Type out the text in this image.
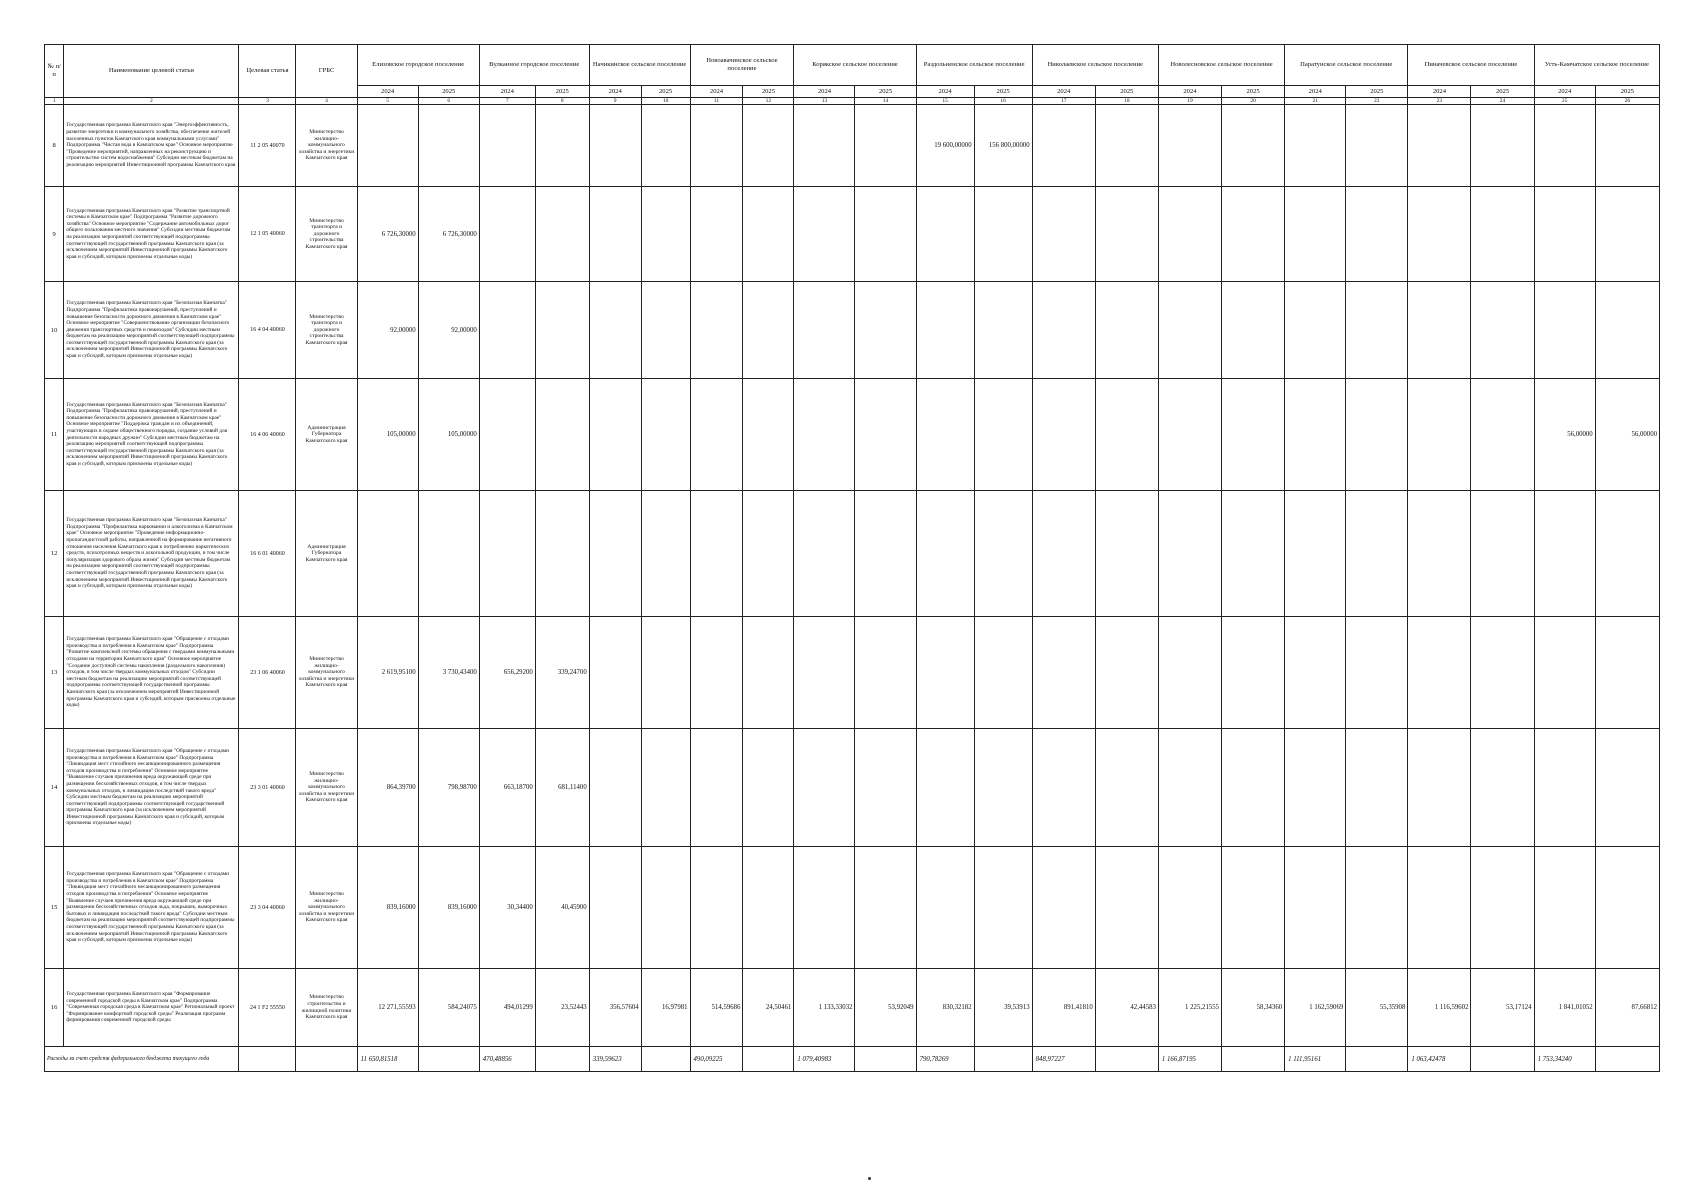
№ п/п	Наименование целевой статьи	Целевая статья	ГРБС	Елизовское городское поселение		Вулканное городское поселение		Начикинское сельское поселение		Новоавачинское сельское поселение		Корякское сельское поселение		Раздольненское сельское поселение		Николаевское сельское поселение		Новолесновское сельское поселение		Паратунское сельское поселение		Пиначевское сельское поселение		Усть-Камчатское сельское поселение	
				2024	2025	2024	2025	2024	2025	2024	2025	2024	2025	2024	2025	2024	2025	2024	2025	2024	2025	2024	2025	2024	2025
1	2	3	4	5	6	7	8	9	10	11	12	13	14	15	16	17	18	19	20	21	22	23	24	25	26
8	Государственная программа Камчатского края "Энергоэффективность, развитие энергетики и коммунального хозяйства, обеспечение жителей населенных пунктов Камчатского края коммунальными услугами" Подпрограмма "Чистая вода в Камчатском крае" Основное мероприятие "Проведение мероприятий, направленных на реконструкцию и строительство систем водоснабжения" Субсидии местным бюджетам на реализацию мероприятий Инвестиционной программы Камчатского края	11 2 05 40070	Министерство жилищно-коммунального хозяйства и энергетики Камчатского края											19 600,00000	156 800,00000										
9	Государственная программа Камчатского края "Развитие транспортной системы в Камчатском крае" Подпрограмма "Развитие дорожного хозяйства" Основное мероприятие "Содержание автомобильных дорог общего пользования местного значения" Субсидии местным бюджетам на реализацию мероприятий соответствующей подпрограммы соответствующей государственной программы Камчатского края (за исключением мероприятий Инвестиционной программы Камчатского края и субсидий, которым присвоены отдельные коды)	12 1 05 40060	Министерство транспорта и дорожного строительства Камчатского края	6 726,30000	6 726,30000																				
10	Государственная программа Камчатского края "Безопасная Камчатка" Подпрограмма "Профилактика правонарушений, преступлений и повышение безопасности дорожного движения в Камчатском крае" Основное мероприятие "Совершенствование организации безопасного движения транспортных средств и пешеходов" Субсидии местным бюджетам на реализацию мероприятий соответствующей подпрограммы соответствующей государственной программы Камчатского края (за исключением мероприятий Инвестиционной программы Камчатского края и субсидий, которым присвоены отдельные коды)	16 4 04 40060	Министерство транспорта и дорожного строительства Камчатского края	92,00000	92,00000																				
11	Государственная программа Камчатского края "Безопасная Камчатка" Подпрограмма "Профилактика правонарушений, преступлений и повышение безопасности дорожного движения в Камчатском крае" Основное мероприятие "Поддержка граждан и их объединений, участвующих в охране общественного порядка, создание условий для деятельности народных дружин" Субсидии местным бюджетам на реализацию мероприятий соответствующей подпрограммы соответствующей государственной программы Камчатского края (за исключением мероприятий Инвестиционной программы Камчатского края и субсидий, которым присвоены отдельные коды)	16 4 06 40060	Администрация Губернатора Камчатского края	105,00000	105,00000																			56,00000	56,00000
12	Государственная программа Камчатского края "Безопасная Камчатка" Подпрограмма "Профилактика наркомании и алкоголизма в Камчатском крае" Основное мероприятие "Проведение информационно-пропагандистской работы, направленной на формирование негативного отношения населения Камчатского края к потреблению наркотических средств, психотропных веществ и алкогольной продукции, в том числе популяризация здорового образа жизни" Субсидии местным бюджетам на реализацию мероприятий соответствующей подпрограммы соответствующей государственной программы Камчатского края (за исключением мероприятий Инвестиционной программы Камчатского края и субсидий, которым присвоены отдельные коды)	16 6 01 40060	Администрация Губернатора Камчатского края																						
13	Государственная программа Камчатского края "Обращение с отходами производства и потребления в Камчатском крае" Подпрограмма "Развитие комплексной системы обращения с твердыми коммунальными отходами на территории Камчатского края" Основное мероприятие "Создание доступной системы накопления (раздельного накопления) отходов, в том числе твердых коммунальных отходов" Субсидии местным бюджетам на реализацию мероприятий соответствующей подпрограммы соответствующей государственной программы Камчатского края (за исключением мероприятий Инвестиционной программы Камчатского края и субсидий, которым присвоены отдельные коды)	23 1 06 40060	Министерство жилищно-коммунального хозяйства и энергетики Камчатского края	2 619,95100	3 730,43400	656,29200	339,24700																		
14	Государственная программа Камчатского края "Обращение с отходами производства и потребления в Камчатском крае" Подпрограмма "Ликвидация мест стихийного несанкционированного размещения отходов производства и потребления" Основное мероприятие "Выявление случаев причинения вреда окружающей среде при размещении бесхозяйственных отходов, в том числе твердых коммунальных отходов, и ликвидация последствий такого вреда" Субсидии местным бюджетам на реализацию мероприятий соответствующей подпрограммы соответствующей государственной программы Камчатского края (за исключением мероприятий Инвестиционной программы Камчатского края и субсидий, которым присвоены отдельные коды)	23 3 01 40060	Министерство жилищно-коммунального хозяйства и энергетики Камчатского края	864,39700	798,98700	663,18700	681,11400																		
15	Государственная программа Камчатского края "Обращение с отходами производства и потребления в Камчатском крае" Подпрограмма "Ликвидация мест стихийного несанкционированного размещения отходов производства и потребления" Основное мероприятие "Выявление случаев причинения вреда окружающей среде при размещении бесхозяйственных отходов льда, покрышек, выморочных бытовых и ликвидация последствий такого вреда" Субсидии местным бюджетам на реализацию мероприятий соответствующей подпрограммы соответствующей государственной программы Камчатского края (за исключением мероприятий Инвестиционной программы Камчатского края и субсидий, которым присвоены отдельные коды)	23 3 04 40060	Министерство жилищно-коммунального хозяйства и энергетики Камчатского края	839,16000	839,16000	30,34400	40,45900																		
16	Государственная программа Камчатского края "Формирование современной городской среды в Камчатском крае" Подпрограмма "Современная городская среда в Камчатском крае" Региональный проект "Формирование комфортной городской среды" Реализация программ формирования современной городской среды	24 1 F2 55550	Министерство строительства и жилищной политики Камчатского края	12 271,55593	584,24075	494,01299	23,52443	356,57604	16,97981	514,59686	24,50461	1 133,33032	53,92049	830,32182	39,53913	891,41810	42,44583	1 225,21555	58,34360	1 162,59069	55,35908	1 116,59602	53,17124	1 841,01052	87,66812
Расходы за счет средств федерального бюджета текущего года				11 650,81518		470,48856		339,59623		490,09225		1 079,40983		790,78269		848,97227		1 166,87195		1 111,95161		1 063,42478		1 753,34240	
